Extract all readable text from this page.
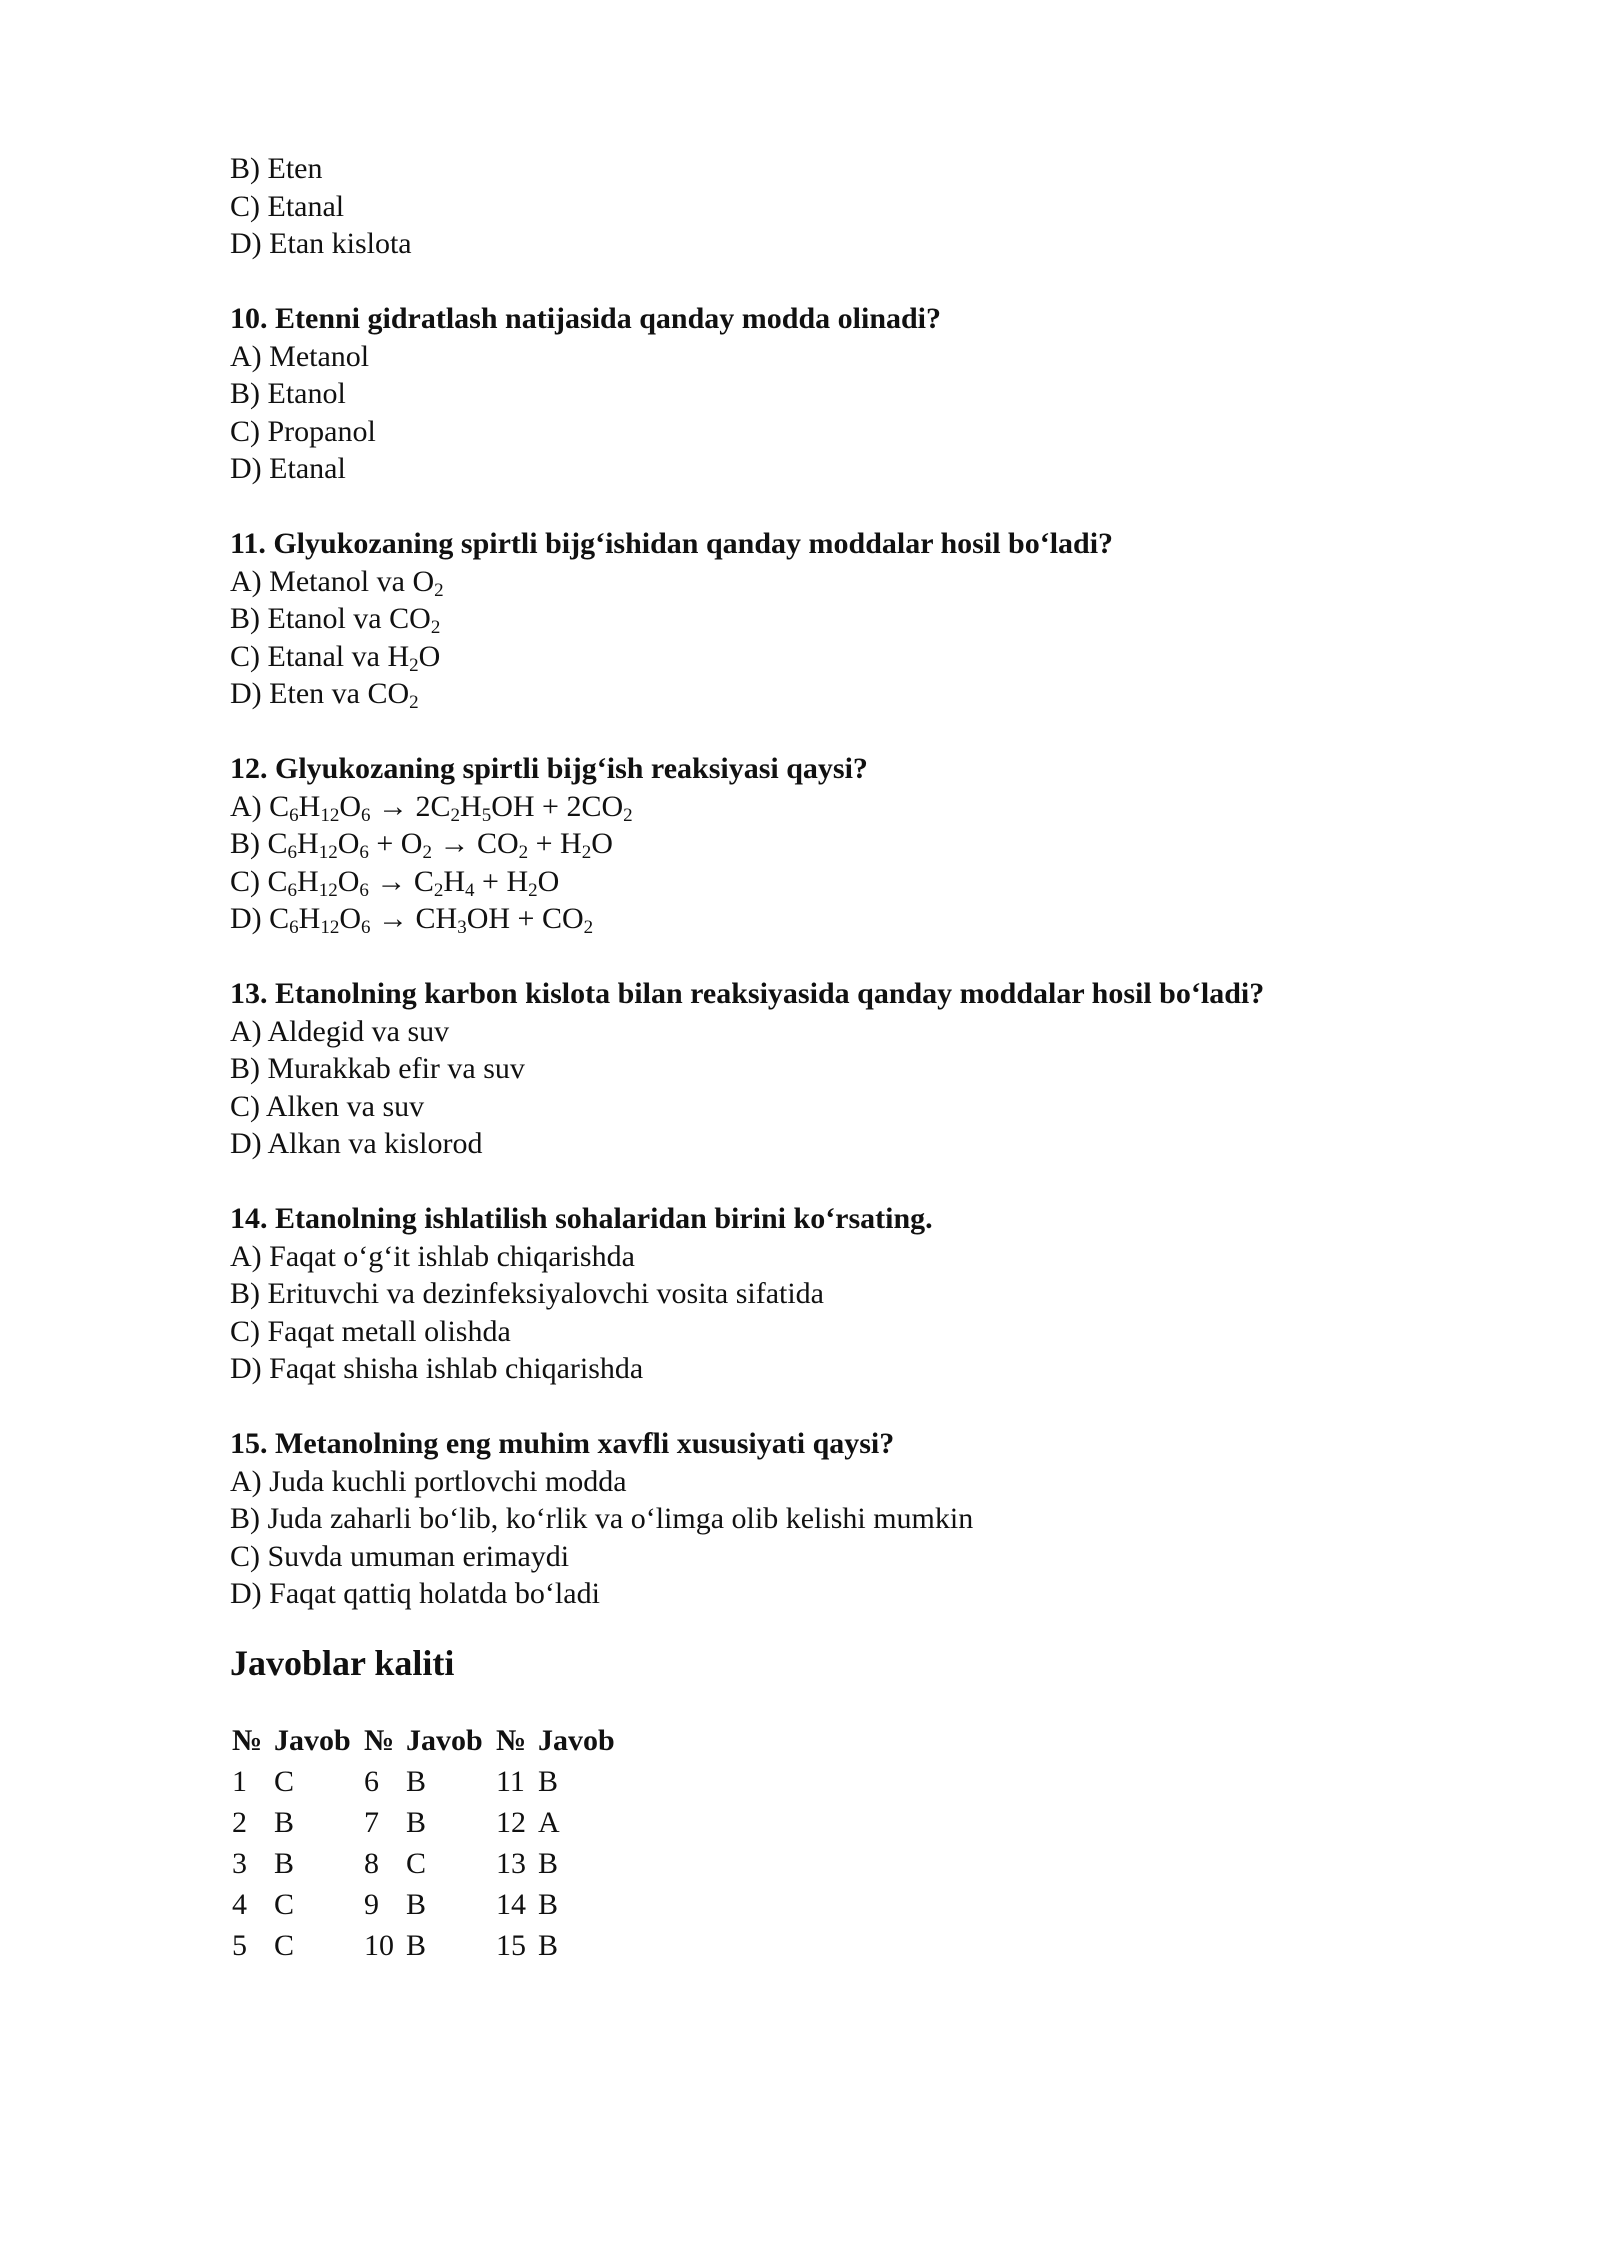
B) Eten
C) Etanal
D) Etan kislota
10. Etenni gidratlash natijasida qanday modda olinadi?
A) Metanol
B) Etanol
C) Propanol
D) Etanal
11. Glyukozaning spirtli bijg‘ishidan qanday moddalar hosil bo‘ladi?
A) Metanol va $O_2$
B) Etanol va $CO_2$
C) Etanal va $H_2O$
D) Eten va $CO_2$
12. Glyukozaning spirtli bijg‘ish reaksiyasi qaysi?
A) $C_6H_{12}O_6 \to 2C_2H_5OH + 2CO_2$
B) $C_6H_{12}O_6 + O_2 \to CO_2 + H_2O$
C) $C_6H_{12}O_6 \to C_2H_4 + H_2O$
D) $C_6H_{12}O_6 \to CH_3OH + CO_2$
13. Etanolning karbon kislota bilan reaksiyasida qanday moddalar hosil bo‘ladi?
A) Aldegid va suv
B) Murakkab efir va suv
C) Alken va suv
D) Alkan va kislorod
14. Etanolning ishlatilish sohalaridan birini ko‘rsating.
A) Faqat o‘g‘it ishlab chiqarishda
B) Erituvchi va dezinfeksiyalovchi vosita sifatida
C) Faqat metall olishda
D) Faqat shisha ishlab chiqarishda
15. Metanolning eng muhim xavfli xususiyati qaysi?
A) Juda kuchli portlovchi modda
B) Juda zaharli bo‘lib, ko‘rlik va o‘limga olib kelishi mumkin
C) Suvda umuman erimaydi
D) Faqat qattiq holatda bo‘ladi
Javoblar kaliti
№	Javob	№	Javob	№	Javob
1	C	6	B	11	B
2	B	7	B	12	A
3	B	8	C	13	B
4	C	9	B	14	B
5	C	10	B	15	B
